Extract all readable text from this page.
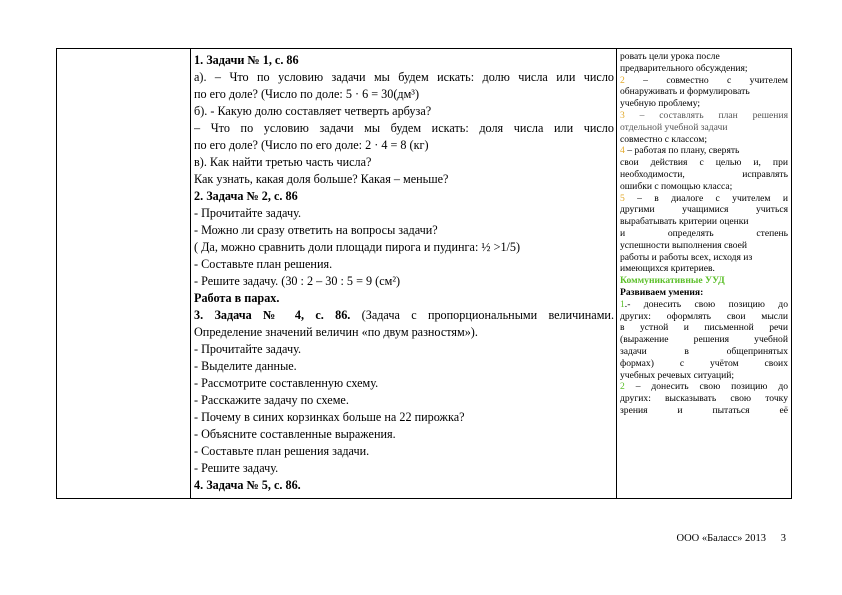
1. Задачи № 1, с. 86
а). – Что по условию задачи мы будем искать: долю числа или число
по его доле? (Число по доле: 5 · 6 = 30(дм³)
б). - Какую долю составляет четверть арбуза?
– Что по условию задачи мы будем искать: доля числа или число
по его доле? (Число по его доле: 2 · 4 = 8 (кг)
в). Как найти третью часть числа?
Как узнать, какая доля больше? Какая – меньше?
2. Задача № 2, с. 86
- Прочитайте задачу.
- Можно ли сразу ответить на вопросы задачи?
( Да, можно сравнить доли площади пирога и пудинга: ½ >1/5)
- Составьте план решения.
- Решите задачу. (30 : 2 – 30 : 5 = 9 (см²)
Работа в парах.
3. Задача № 4, с. 86. (Задача с пропорциональными величинами.
Определение значений величин «по двум разностям»).
- Прочитайте задачу.
- Выделите данные.
- Рассмотрите составленную схему.
- Расскажите задачу по схеме.
- Почему в синих корзинках больше на 22 пирожка?
- Объясните составленные выражения.
- Составьте план решения задачи.
- Решите задачу.
4. Задача № 5, с. 86.
ровать цели урока после
предварительного обсуждения;
2 – совместно с учителем
обнаруживать и формулировать
учебную проблему;
3 – составлять план решения
отдельной учебной задачи
совместно с классом;
4 – работая по плану, сверять
свои действия с целью и, при
необходимости, исправлять
ошибки с помощью класса;
5 – в диалоге с учителем и
другими учащимися учиться
вырабатывать критерии оценки
и определять степень
успешности выполнения своей
работы и работы всех, исходя из
имеющихся критериев.
Коммуникативные УУД
Развиваем умения:
1.- донесить свою позицию до
других: оформлять свои мысли
в устной и письменной речи
(выражение решения учебной
задачи в общепринятых
формах) с учётом своих
учебных речевых ситуаций;
2 – донесить свою позицию до
других: высказывать свою точку
зрения и пытаться её
ООО «Баласс» 2013 3
